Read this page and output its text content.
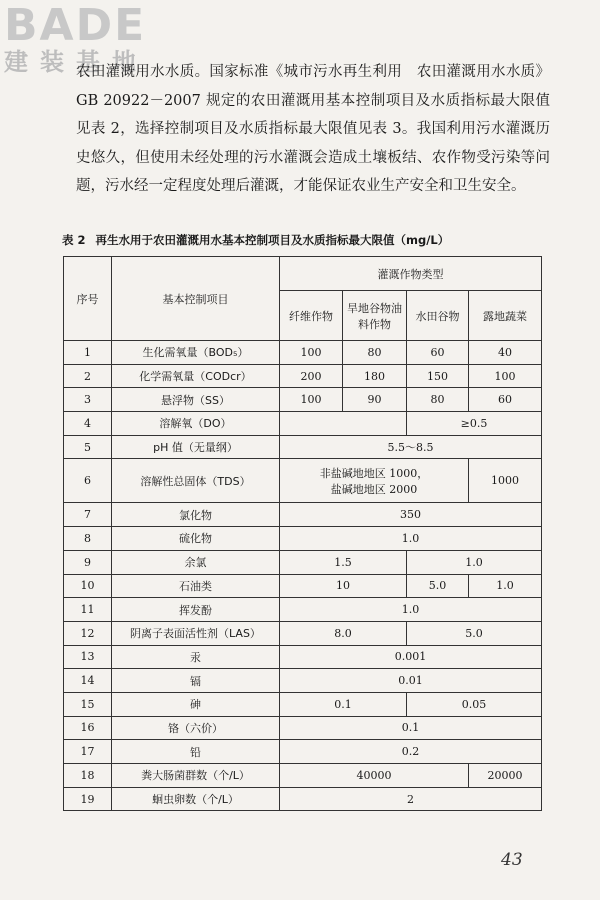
BADE
建装基地

农田灌溉用水水质。国家标准《城市污水再生利用　农田灌溉用水水质》GB 20922－2007 规定的农田灌溉用基本控制项目及水质指标最大限值见表 2，选择控制项目及水质指标最大限值见表 3。我国利用污水灌溉历史悠久，但使用未经处理的污水灌溉会造成土壤板结、农作物受污染等问题，污水经一定程度处理后灌溉，才能保证农业生产安全和卫生安全。

表 2 再生水用于农田灌溉用水基本控制项目及水质指标最大限值（mg/L）
序号	基本控制项目	灌溉作物类型			
		纤维作物	旱地谷物油料作物	水田谷物	露地蔬菜
1	生化需氧量（BOD₅）	100	80	60	40
2	化学需氧量（CODcr）	200	180	150	100
3	悬浮物（SS）	100	90	80	60
4	溶解氧（DO）			≥0.5	
5	pH 值（无量纲）	5.5～8.5			
6	溶解性总固体（TDS）	非盐碱地地区 1000，
盐碱地地区 2000			1000
7	氯化物	350			
8	硫化物	1.0			
9	余氯	1.5		1.0	
10	石油类	10		5.0	1.0
11	挥发酚	1.0			
12	阴离子表面活性剂（LAS）	8.0		5.0	
13	汞	0.001			
14	镉	0.01			
15	砷	0.1		0.05	
16	铬（六价）	0.1			
17	铅	0.2			
18	粪大肠菌群数（个/L）	40000			20000
19	蛔虫卵数（个/L）	2			
43
